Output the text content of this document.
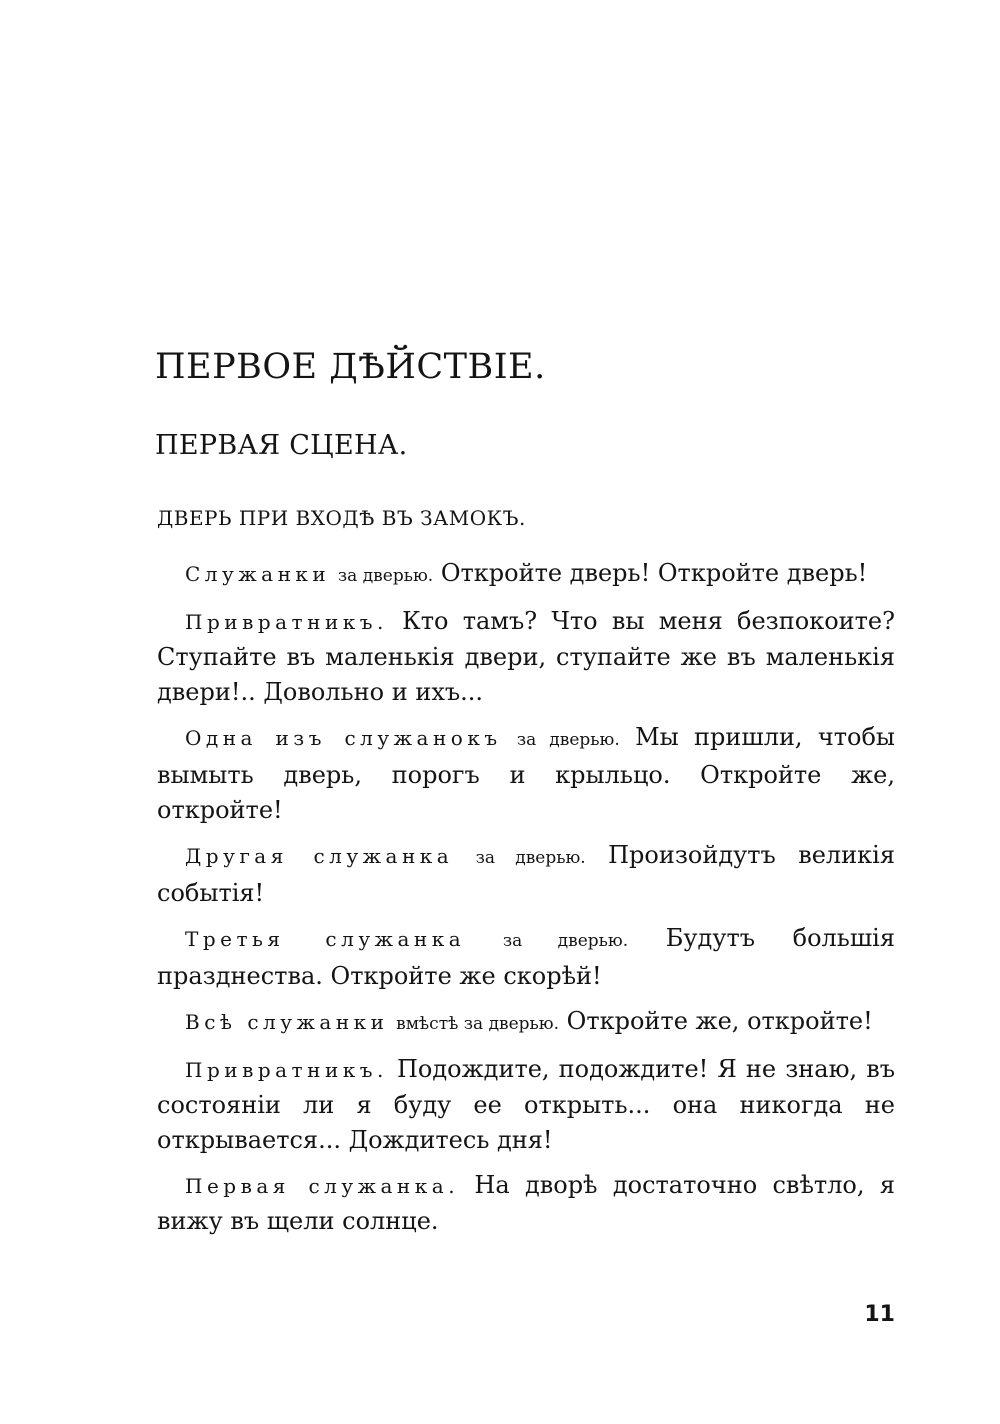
ПЕРВОЕ ДѢЙСТВІЕ.
ПЕРВАЯ СЦЕНА.

ДВЕРЬ ПРИ ВХОДѢ ВЪ ЗАМОКЪ.

Служанки за дверью. Откройте дверь! Откройте дверь!

Привратникъ. Кто тамъ? Что вы меня безпокоите? Ступайте въ маленькія двери, ступайте же въ маленькія двери!.. Довольно и ихъ...

Одна изъ служанокъ за дверью. Мы пришли, чтобы вымыть дверь, порогъ и крыльцо. Откройте же, откройте!

Другая служанка за дверью. Произойдутъ великія событія!

Третья служанка за дверью. Будутъ большія празднества. Откройте же скорѣй!

Всѣ служанки вмѣстѣ за дверью. Откройте же, откройте!

Привратникъ. Подождите, подождите! Я не знаю, въ состояніи ли я буду ее открыть... она никогда не открывается... Дождитесь дня!

Первая служанка. На дворѣ достаточно свѣтло, я вижу въ щели солнце.

11
